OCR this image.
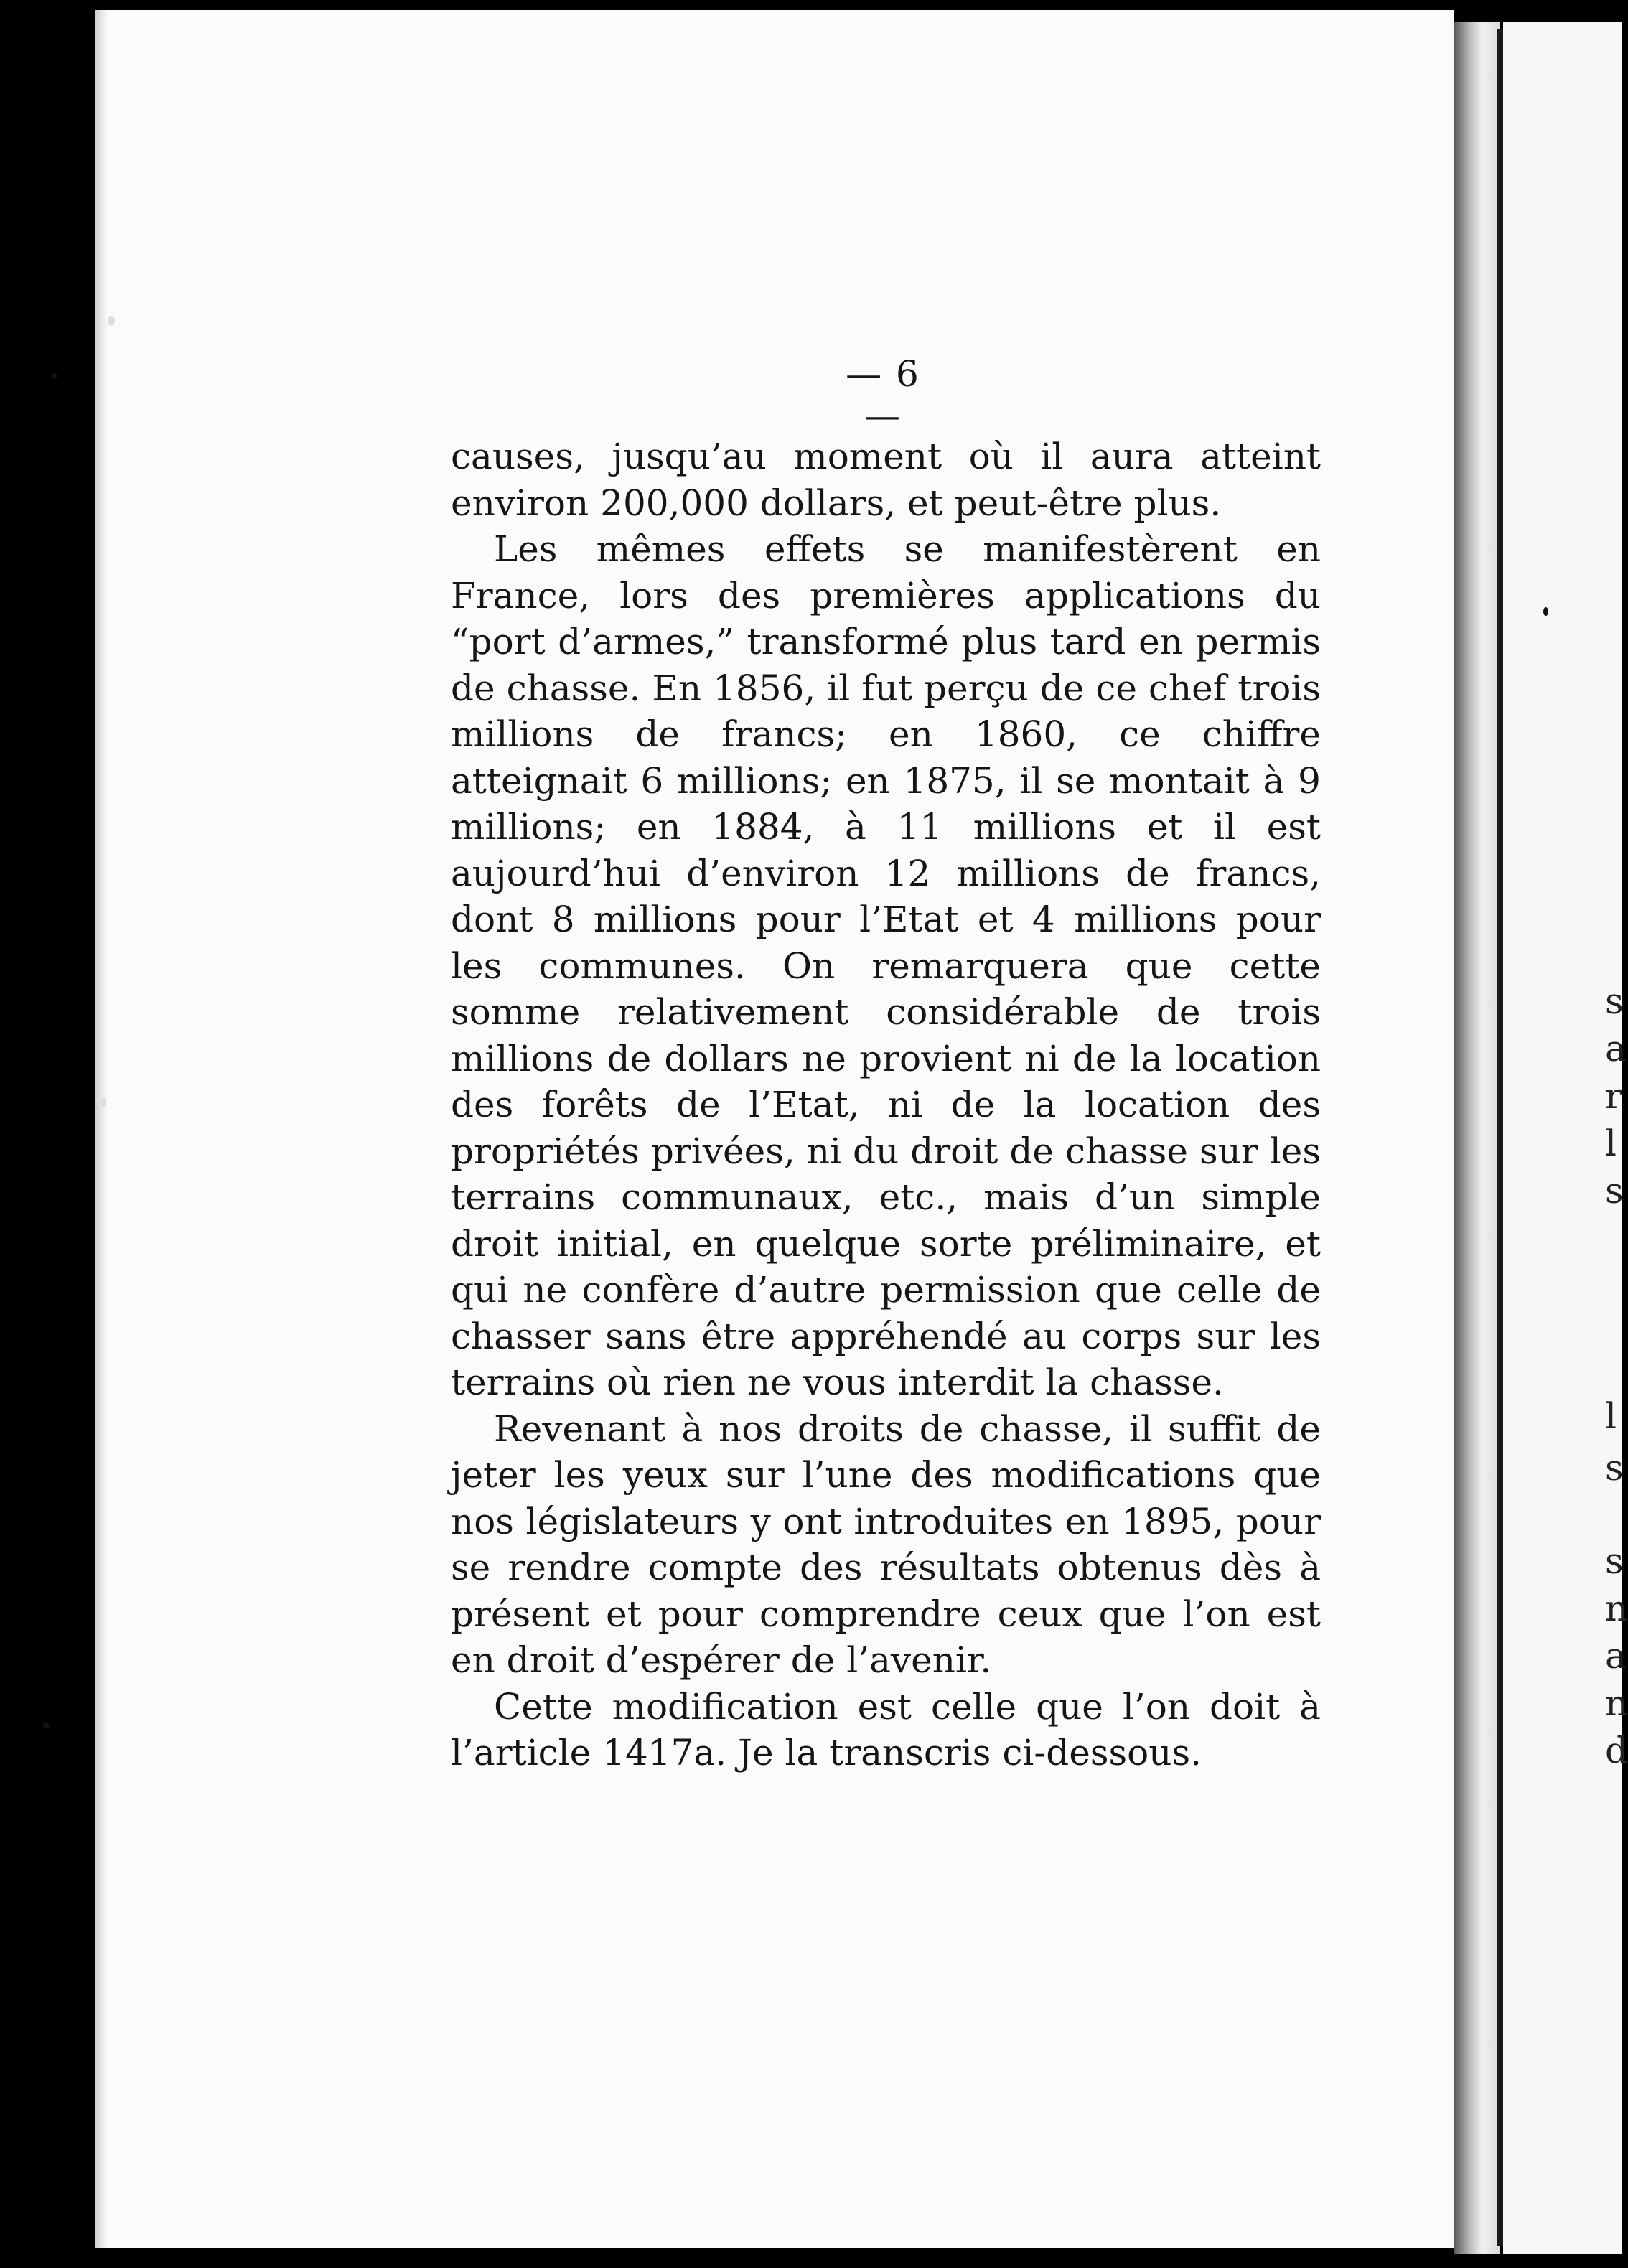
s
a
r
l
s
l
s
s
n
a
n
d
— 6 —

causes, jusqu’au moment où il aura atteint environ 200,000 dollars, et peut-être plus.

Les mêmes effets se manifestèrent en France, lors des premières applications du “port d’armes,” transformé plus tard en permis de chasse. En 1856, il fut perçu de ce chef trois millions de francs; en 1860, ce chiffre atteignait 6 millions; en 1875, il se montait à 9 millions; en 1884, à 11 millions et il est aujourd’hui d’environ 12 millions de francs, dont 8 millions pour l’Etat et 4 millions pour les communes. On remarquera que cette somme relativement considérable de trois millions de dollars ne provient ni de la location des forêts de l’Etat, ni de la location des propriétés privées, ni du droit de chasse sur les terrains communaux, etc., mais d’un simple droit initial, en quelque sorte préliminaire, et qui ne confère d’autre permission que celle de chasser sans être appréhendé au corps sur les terrains où rien ne vous interdit la chasse.

Revenant à nos droits de chasse, il suffit de jeter les yeux sur l’une des modifications que nos législateurs y ont introduites en 1895, pour se rendre compte des résultats obtenus dès à présent et pour comprendre ceux que l’on est en droit d’espérer de l’avenir.

Cette modification est celle que l’on doit à l’article 1417a. Je la transcris ci-dessous.
